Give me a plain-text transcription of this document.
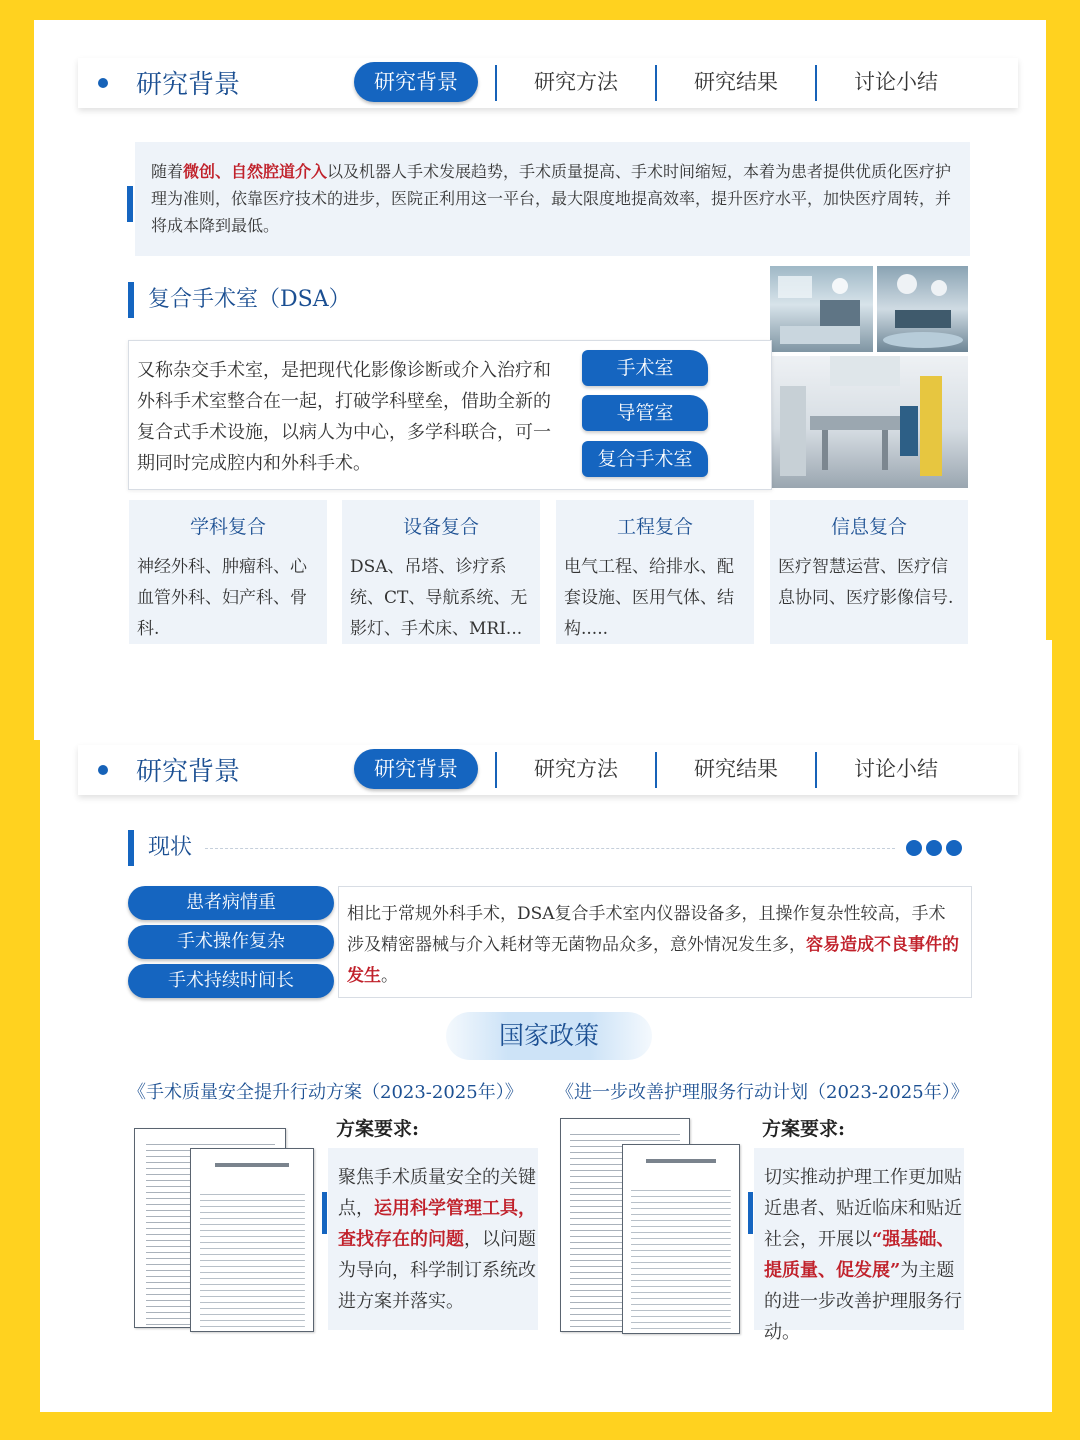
研究背景	研究背景	研究方法	研究结果	讨论小结

随着微创、自然腔道介入以及机器人手术发展趋势，手术质量提高、手术时间缩短，本着为患者提供优质化医疗护理为准则，依靠医疗技术的进步，医院正利用这一平台，最大限度地提高效率，提升医疗水平，加快医疗周转，并将成本降到最低。

复合手术室（DSA）

又称杂交手术室，是把现代化影像诊断或介入治疗和外科手术室整合在一起，打破学科壁垒，借助全新的复合式手术设施，以病人为中心，多学科联合，可一期同时完成腔内和外科手术。

手术室
导管室
复合手术室
学科复合
神经外科、肿瘤科、心血管外科、妇产科、骨科.
设备复合
DSA、吊塔、诊疗系统、CT、导航系统、无影灯、手术床、MRI...
工程复合
电气工程、给排水、配套设施、医用气体、结构.....
信息复合
医疗智慧运营、医疗信息协同、医疗影像信号.
研究背景	研究背景	研究方法	研究结果	讨论小结
现状
患者病情重
手术操作复杂
手术持续时间长

相比于常规外科手术，DSA复合手术室内仪器设备多，且操作复杂性较高，手术涉及精密器械与介入耗材等无菌物品众多，意外情况发生多，容易造成不良事件的发生。

国家政策
《手术质量安全提升行动方案（2023-2025年）》 《进一步改善护理服务行动计划（2023-2025年）》
方案要求:

聚焦手术质量安全的关键点，运用科学管理工具，查找存在的问题，以问题为导向，科学制订系统改进方案并落实。

方案要求:

切实推动护理工作更加贴近患者、贴近临床和贴近社会，开展以“强基础、提质量、促发展”为主题的进一步改善护理服务行动。
